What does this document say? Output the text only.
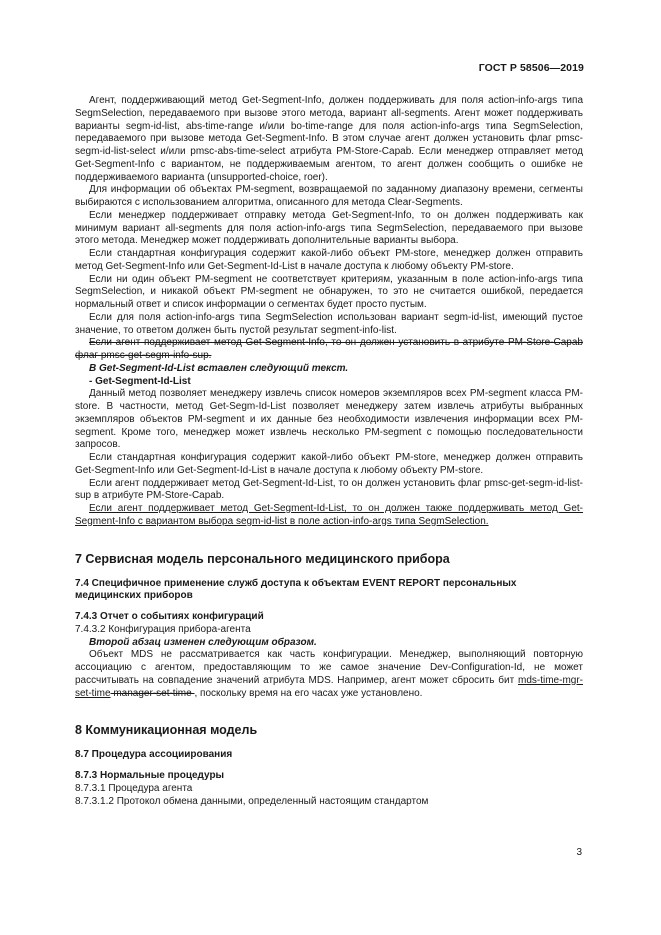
ГОСТ Р 58506—2019

Агент, поддерживающий метод Get-Segment-Info, должен поддерживать для поля action-info-args типа SegmSelection, передаваемого при вызове этого метода, вариант all-segments. Агент может поддерживать варианты segm-id-list, abs-time-range и/или bo-time-range для поля action-info-args типа SegmSelection, передаваемого при вызове метода Get-Segment-Info. В этом случае агент должен установить флаг pmsc-segm-id-list-select и/или pmsc-abs-time-select атрибута PM-Store-Capab. Если менеджер отправляет метод Get-Segment-Info с вариантом, не поддерживаемым агентом, то агент должен сообщить о ошибке не поддерживаемого варианта (unsupported-choice, roer).

Для информации об объектах PM-segment, возвращаемой по заданному диапазону времени, сегменты выбираются с использованием алгоритма, описанного для метода Clear-Segments.

Если менеджер поддерживает отправку метода Get-Segment-Info, то он должен поддерживать как минимум вариант all-segments для поля action-info-args типа SegmSelection, передаваемого при вызове этого метода. Менеджер может поддерживать дополнительные варианты выбора.

Если стандартная конфигурация содержит какой-либо объект PM-store, менеджер должен отправить метод Get-Segment-Info или Get-Segment-Id-List в начале доступа к любому объекту PM-store.

Если ни один объект PM-segment не соответствует критериям, указанным в поле action-info-args типа SegmSelection, и никакой объект PM-segment не обнаружен, то это не считается ошибкой, передается нормальный ответ и список информации о сегментах будет просто пустым.

Если для поля action-info-args типа SegmSelection использован вариант segm-id-list, имеющий пустое значение, то ответом должен быть пустой результат segment-info-list.

Если агент поддерживает метод Get-Segment-Info, то он должен установить в атрибуте PM-Store-Capab флаг pmsc-get-segm-info-sup.

В Get-Segment-Id-List вставлен следующий текст.

- Get-Segment-Id-List

Данный метод позволяет менеджеру извлечь список номеров экземпляров всех PM-segment класса PM-store. В частности, метод Get-Segm-Id-List позволяет менеджеру затем извлечь атрибуты выбранных экземпляров объектов PM-segment и их данные без необходимости извлечения информации всех PM-segment. Кроме того, менеджер может извлечь несколько PM-segment с помощью последовательности запросов.

Если стандартная конфигурация содержит какой-либо объект PM-store, менеджер должен отправить Get-Segment-Info или Get-Segment-Id-List в начале доступа к любому объекту PM-store.

Если агент поддерживает метод Get-Segment-Id-List, то он должен установить флаг pmsc-get-segm-id-list-sup в атрибуте PM-Store-Capab.

Если агент поддерживает метод Get-Segment-Id-List, то он должен также поддерживать метод Get-Segment-Info с вариантом выбора segm-id-list в поле action-info-args типа SegmSelection.

7 Сервисная модель персонального медицинского прибора
7.4 Специфичное применение служб доступа к объектам EVENT REPORT персональных медицинских приборов
7.4.3 Отчет о событиях конфигураций

7.4.3.2 Конфигурация прибора-агента

Второй абзац изменен следующим образом.

Объект MDS не рассматривается как часть конфигурации. Менеджер, выполняющий повторную ассоциацию с агентом, предоставляющим то же самое значение Dev-Configuration-Id, не может рассчитывать на совпадение значений атрибута MDS. Например, агент может сбросить бит mds-time-mgr-set-time manager-set-time , поскольку время на его часах уже установлено.

8 Коммуникационная модель
8.7 Процедура ассоциирования
8.7.3 Нормальные процедуры

8.7.3.1 Процедура агента

8.7.3.1.2 Протокол обмена данными, определенный настоящим стандартом

3
